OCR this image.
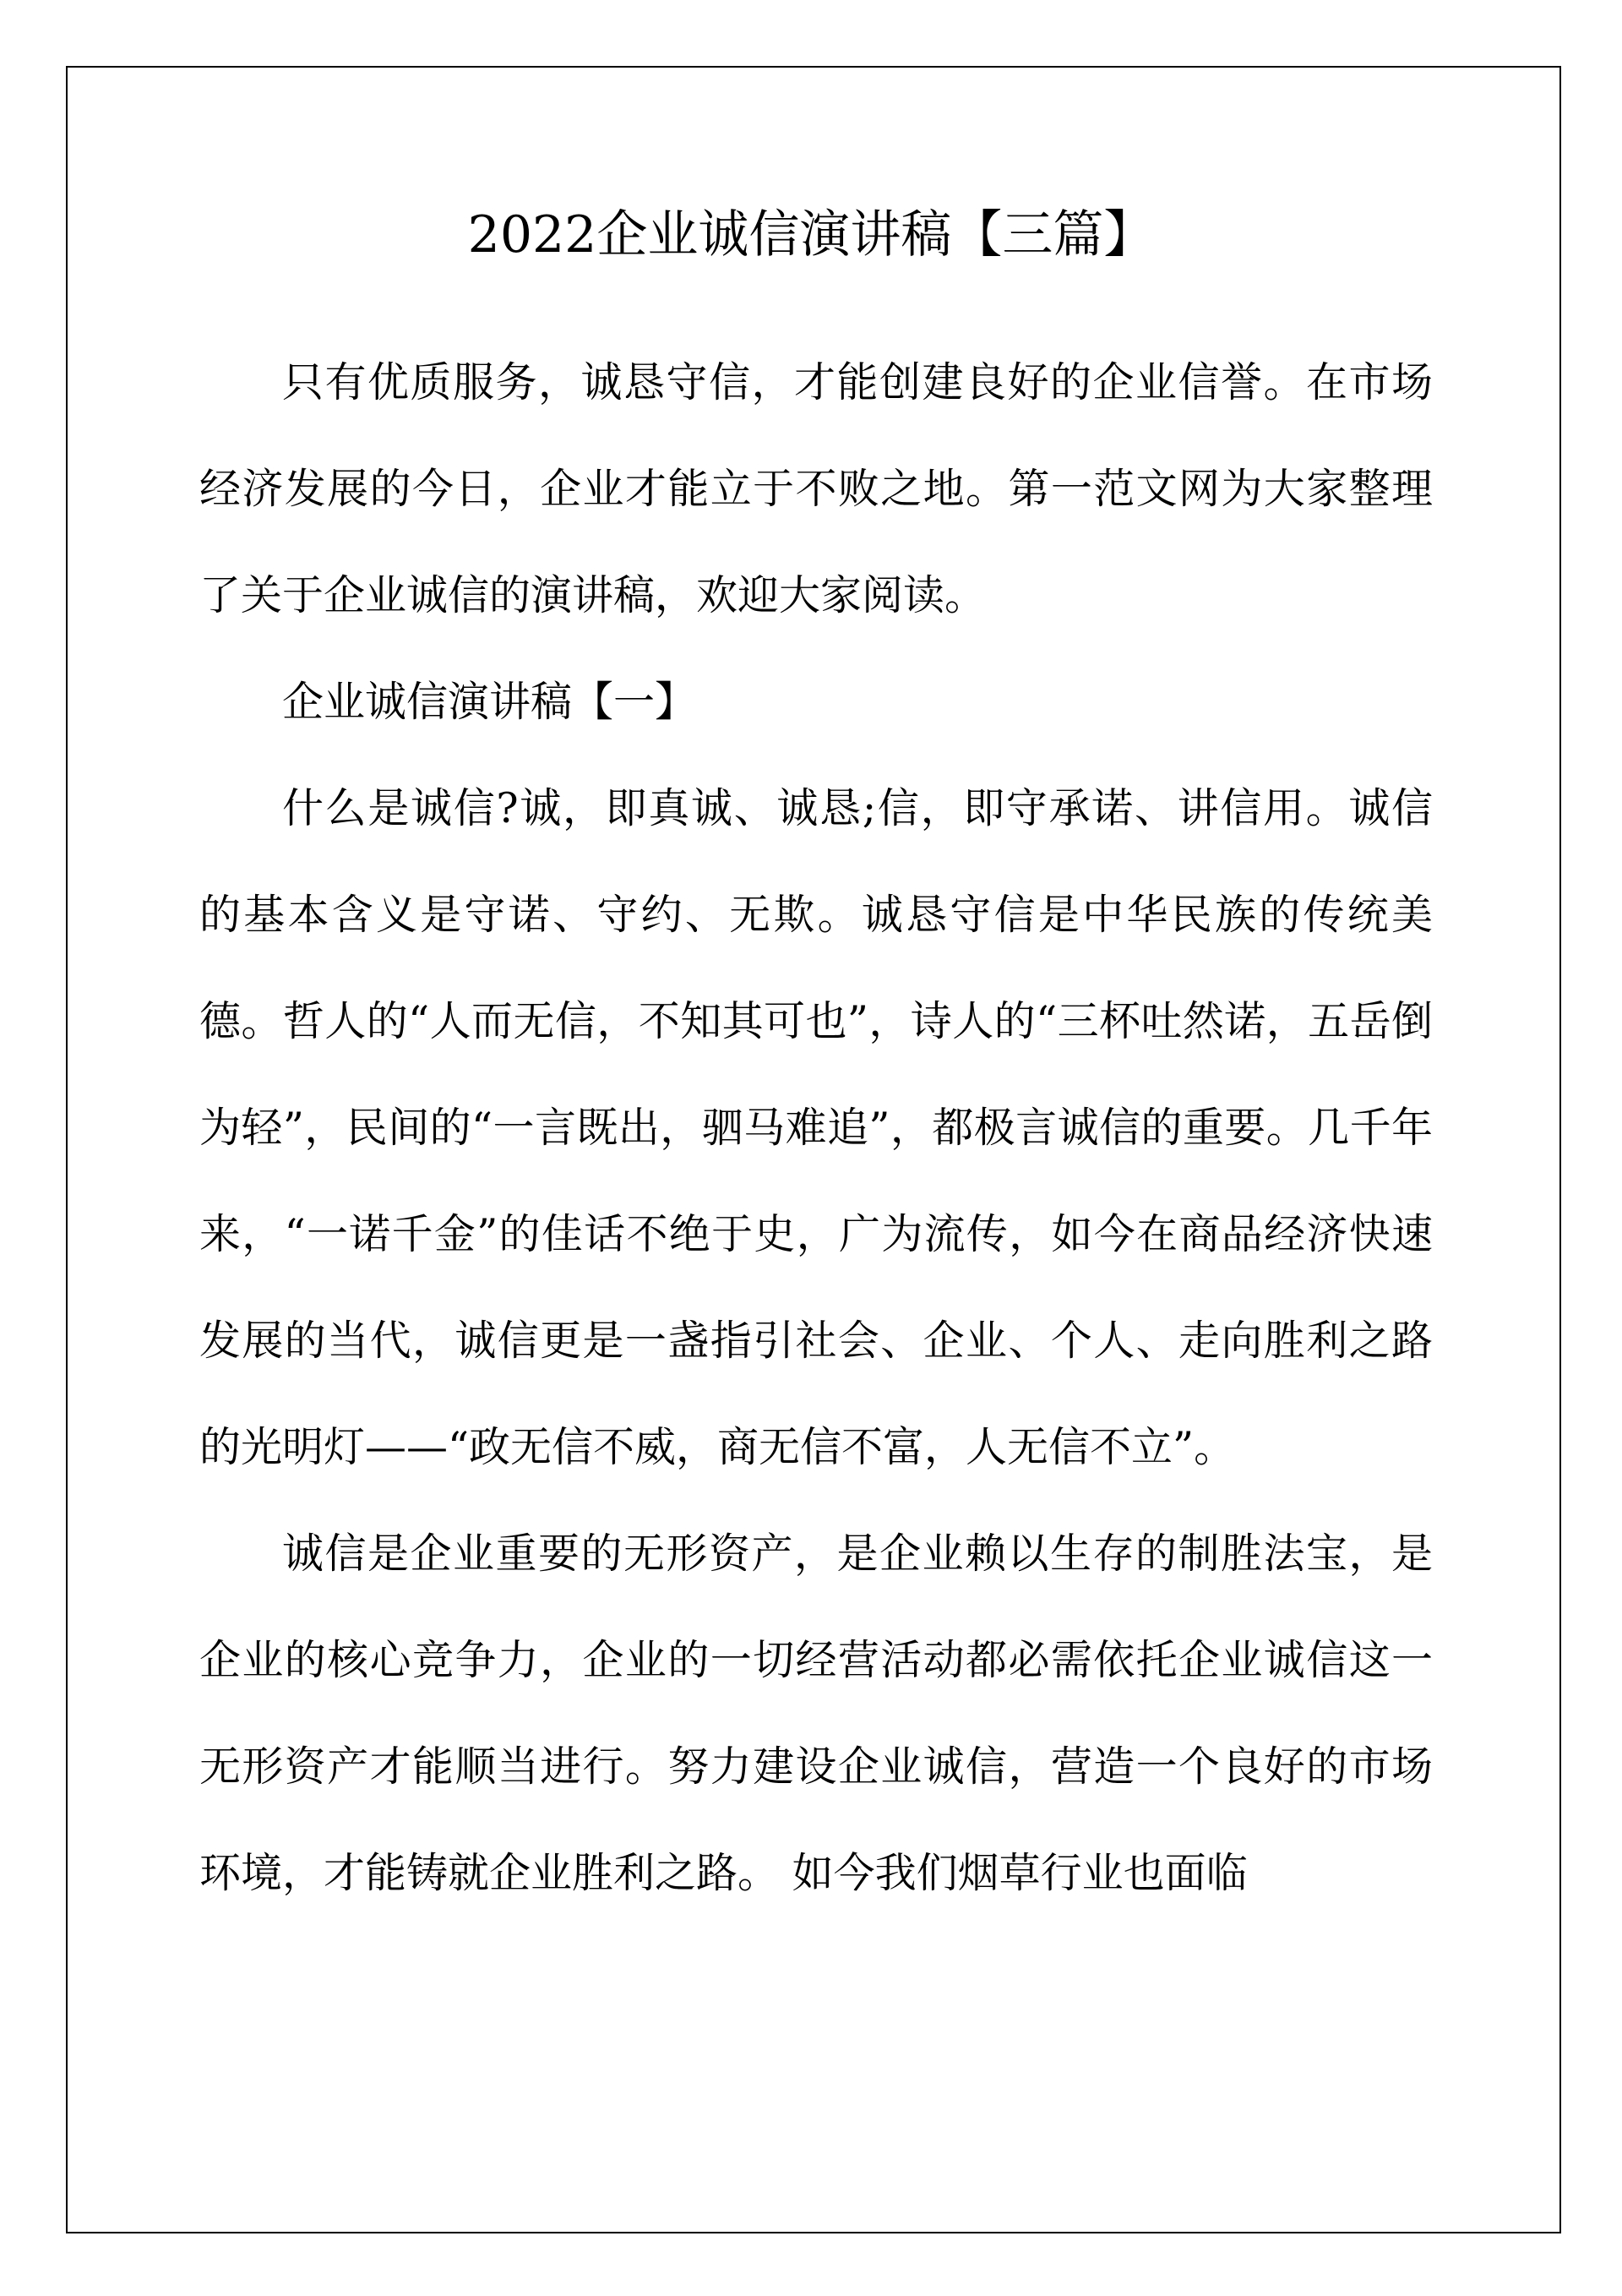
2022企业诚信演讲稿【三篇】

只有优质服务，诚恳守信，才能创建良好的企业信誉。在市场经济发展的今日，企业才能立于不败之地。第一范文网为大家整理了关于企业诚信的演讲稿，欢迎大家阅读。

企业诚信演讲稿【一】

什么是诚信?诚，即真诚、诚恳;信，即守承诺、讲信用。诚信的基本含义是守诺、守约、无欺。诚恳守信是中华民族的传统美德。哲人的“人而无信，不知其可也”，诗人的“三杯吐然诺，五岳倒为轻”，民间的“一言既出，驷马难追”，都极言诚信的重要。几千年来，“一诺千金”的佳话不绝于史，广为流传，如今在商品经济快速发展的当代，诚信更是一盏指引社会、企业、个人、走向胜利之路的光明灯——“政无信不威，商无信不富，人无信不立”。

诚信是企业重要的无形资产，是企业赖以生存的制胜法宝，是企业的核心竞争力，企业的一切经营活动都必需依托企业诚信这一无形资产才能顺当进行。努力建设企业诚信，营造一个良好的市场环境，才能铸就企业胜利之路。 如今我们烟草行业也面临
